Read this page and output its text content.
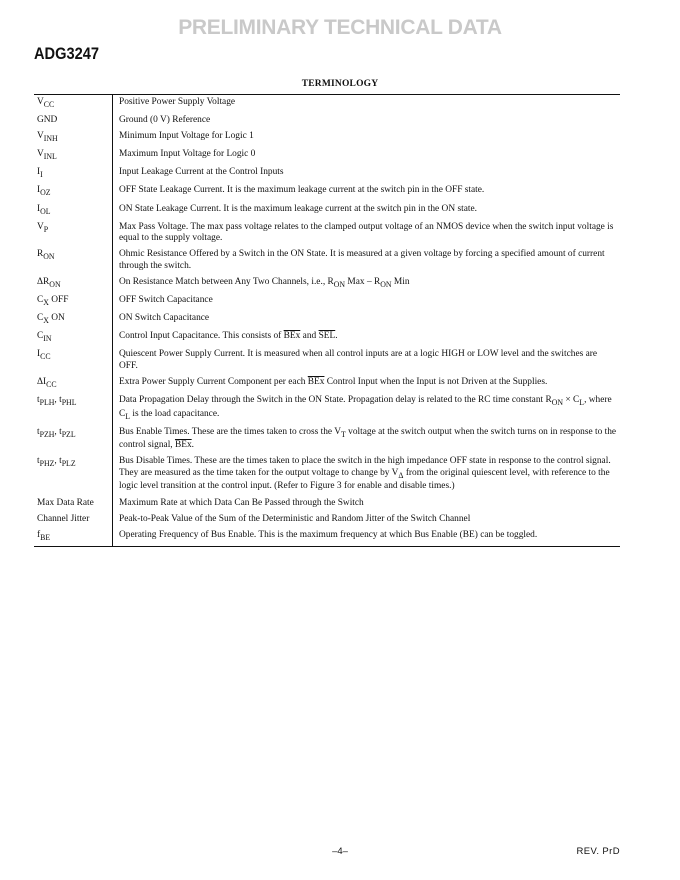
PRELIMINARY TECHNICAL DATA
ADG3247
TERMINOLOGY
$V_{CC}$	Positive Power Supply Voltage
GND	Ground (0 V) Reference
$V_{INH}$	Minimum Input Voltage for Logic 1
$V_{INL}$	Maximum Input Voltage for Logic 0
$I_I$	Input Leakage Current at the Control Inputs
$I_{OZ}$	OFF State Leakage Current. It is the maximum leakage current at the switch pin in the OFF state.
$I_{OL}$	ON State Leakage Current. It is the maximum leakage current at the switch pin in the ON state.
$V_P$	Max Pass Voltage. The max pass voltage relates to the clamped output voltage of an NMOS device when the switch input voltage is equal to the supply voltage.
$R_{ON}$	Ohmic Resistance Offered by a Switch in the ON State. It is measured at a given voltage by forcing a specified amount of current through the switch.
$\Delta R_{ON}$	On Resistance Match between Any Two Channels, i.e., $R_{ON}$ Max – $R_{ON}$ Min
$C_X$ OFF	OFF Switch Capacitance
$C_X$ ON	ON Switch Capacitance
$C_{IN}$	Control Input Capacitance. This consists of $\overline{BEx}$ and $\overline{SEL}$.
$I_{CC}$	Quiescent Power Supply Current. It is measured when all control inputs are at a logic HIGH or LOW level and the switches are OFF.
$\Delta I_{CC}$	Extra Power Supply Current Component per each $\overline{BEx}$ Control Input when the Input is not Driven at the Supplies.
$t_{PLH}$, $t_{PHL}$	Data Propagation Delay through the Switch in the ON State. Propagation delay is related to the RC time constant $R_{ON} \times C_L$, where $C_L$ is the load capacitance.
$t_{PZH}$, $t_{PZL}$	Bus Enable Times. These are the times taken to cross the $V_T$ voltage at the switch output when the switch turns on in response to the control signal, $\overline{BEx}$.
$t_{PHZ}$, $t_{PLZ}$	Bus Disable Times. These are the times taken to place the switch in the high impedance OFF state in response to the control signal. They are measured as the time taken for the output voltage to change by $V_\Delta$ from the original quiescent level, with reference to the logic level transition at the control input. (Refer to Figure 3 for enable and disable times.)
Max Data Rate	Maximum Rate at which Data Can Be Passed through the Switch
Channel Jitter	Peak-to-Peak Value of the Sum of the Deterministic and Random Jitter of the Switch Channel
$f_{BE}$	Operating Frequency of Bus Enable. This is the maximum frequency at which Bus Enable (BE) can be toggled.
–4–	REV. PrD
